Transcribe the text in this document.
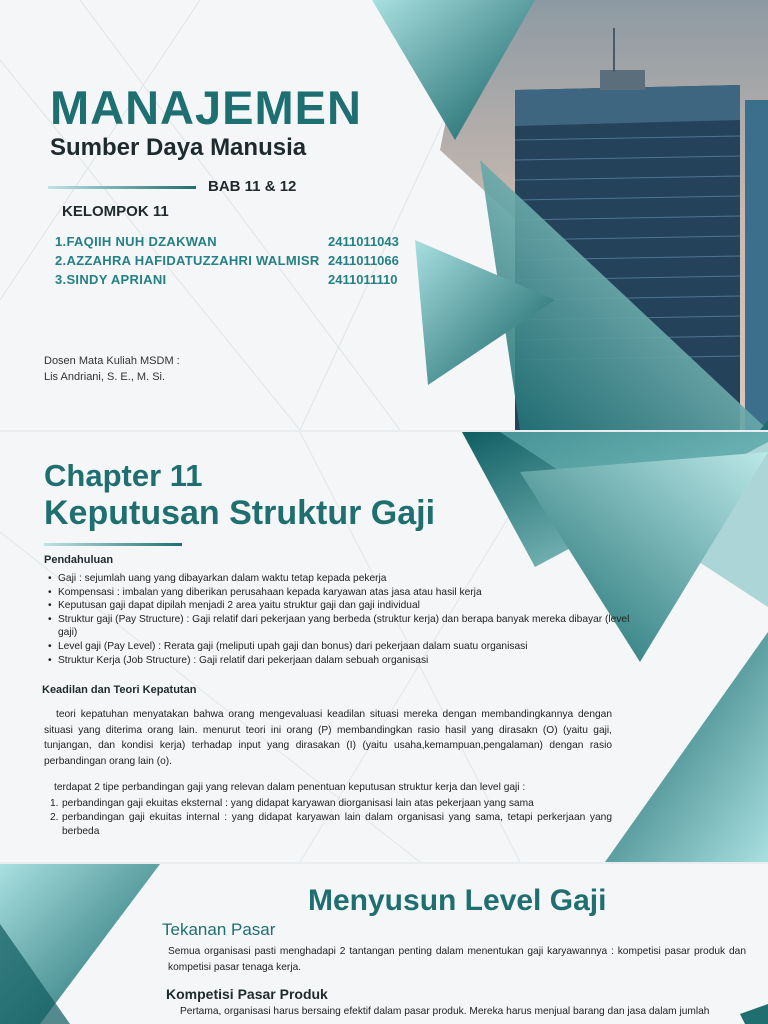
MANAJEMEN
Sumber Daya Manusia
BAB 11 & 12
KELOMPOK 11
1.FAQIIH NUH DZAKWAN	2411011043
2.AZZAHRA HAFIDATUZZAHRI WALMISR 2411011066
3.SINDY APRIANI	2411011110
Dosen Mata Kuliah MSDM :
Lis Andriani, S. E., M. Si.
Chapter 11
Keputusan Struktur Gaji
Pendahuluan
• Gaji : sejumlah uang yang dibayarkan dalam waktu tetap kepada pekerja
• Kompensasi : imbalan yang diberikan perusahaan kepada karyawan atas jasa atau hasil kerja
• Keputusan gaji dapat dipilah menjadi 2 area yaitu struktur gaji dan gaji individual
• Struktur gaji (Pay Structure) : Gaji relatif dari pekerjaan yang berbeda (struktur kerja) dan berapa banyak mereka dibayar (level gaji)
• Level gaji (Pay Level) : Rerata gaji (meliputi upah gaji dan bonus) dari pekerjaan dalam suatu organisasi
• Struktur Kerja (Job Structure) : Gaji relatif dari pekerjaan dalam sebuah organisasi
Keadilan dan Teori Kepatutan

teori kepatuhan menyatakan bahwa orang mengevaluasi keadilan situasi mereka dengan membandingkannya dengan situasi yang diterima orang lain. menurut teori ini orang (P) membandingkan rasio hasil yang dirasakn (O) (yaitu gaji, tunjangan, dan kondisi kerja) terhadap input yang dirasakan (I) (yaitu usaha,kemampuan,pengalaman) dengan rasio perbandingan orang lain (o).

terdapat 2 tipe perbandingan gaji yang relevan dalam penentuan keputusan struktur kerja dan level gaji :

1. perbandingan gaji ekuitas eksternal : yang didapat karyawan diorganisasi lain atas pekerjaan yang sama
2. perbandingan gaji ekuitas internal : yang didapat karyawan lain dalam organisasi yang sama, tetapi perkerjaan yang berbeda
Menyusun Level Gaji
Tekanan Pasar

Semua organisasi pasti menghadapi 2 tantangan penting dalam menentukan gaji karyawannya : kompetisi pasar produk dan kompetisi pasar tenaga kerja.

Kompetisi Pasar Produk

Pertama, organisasi harus bersaing efektif dalam pasar produk. Mereka harus menjual barang dan jasa dalam jumlah
